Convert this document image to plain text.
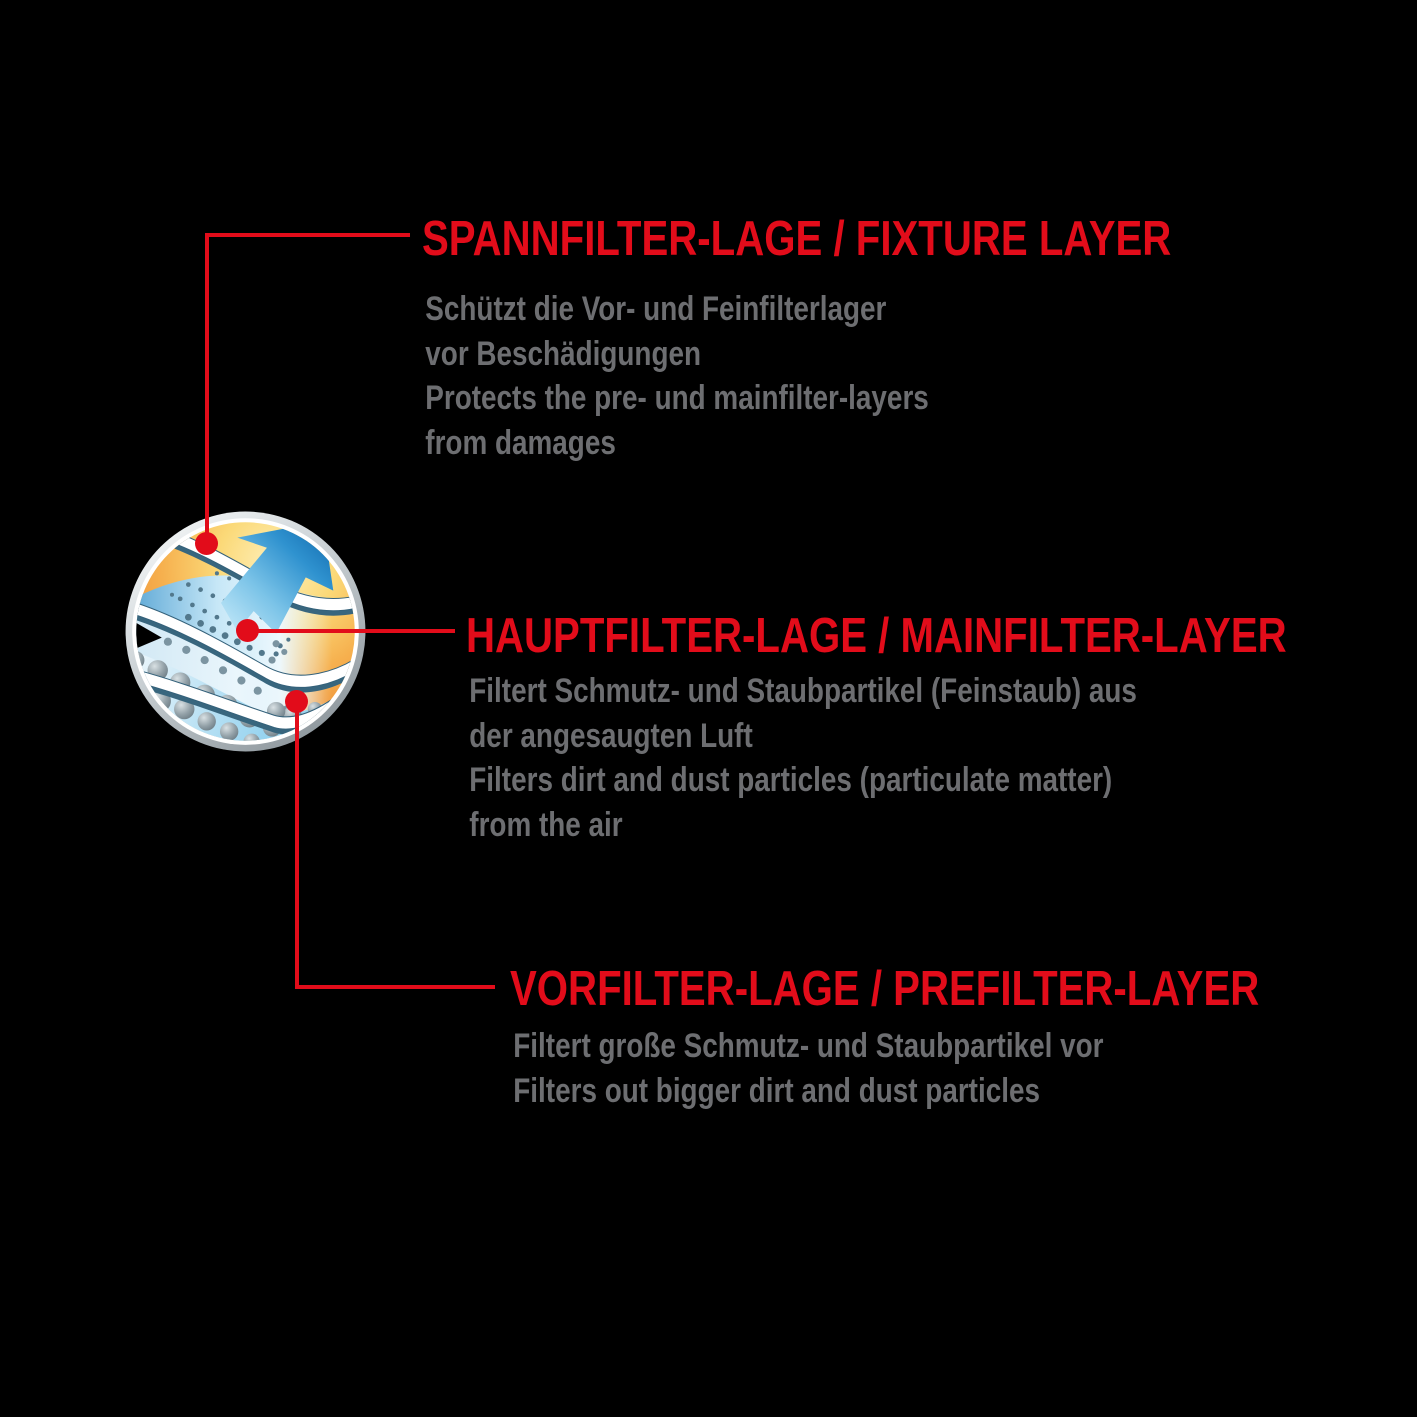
SPANNFILTER-LAGE / FIXTURE LAYER
Schützt die Vor- und Feinfilterlager
vor Beschädigungen
Protects the pre- und mainfilter-layers
from damages
HAUPTFILTER-LAGE / MAINFILTER-LAYER
Filtert Schmutz- und Staubpartikel (Feinstaub) aus
der angesaugten Luft
Filters dirt and dust particles (particulate matter)
from the air
VORFILTER-LAGE / PREFILTER-LAYER
Filtert große Schmutz- und Staubpartikel vor
Filters out bigger dirt and dust particles
